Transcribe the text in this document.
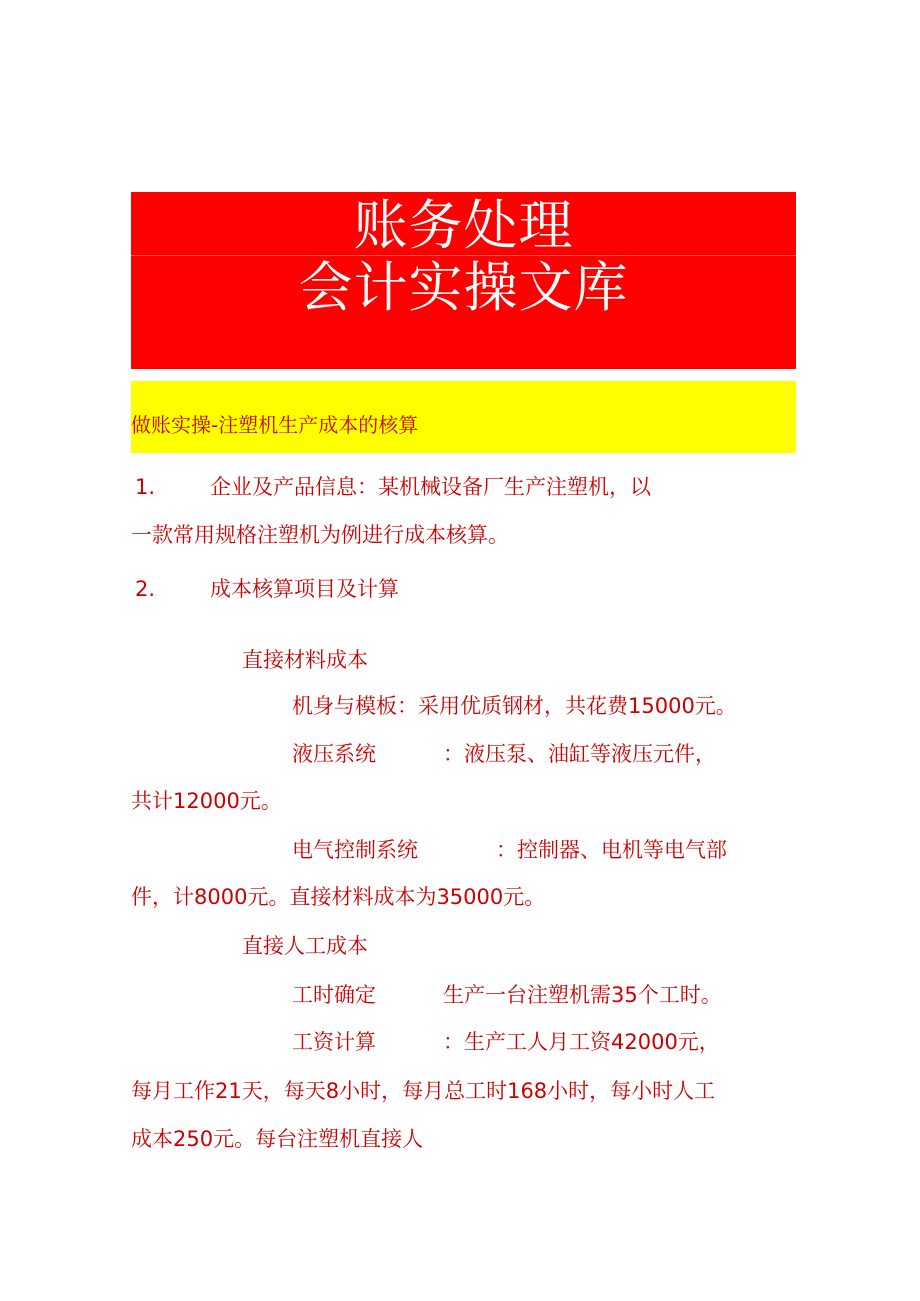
账务处理
会计实操文库
做账实操-注塑机生产成本的核算
1.	企业及产品信息：某机械设备厂生产注塑机，以
一款常用规格注塑机为例进行成本核算。
2.	成本核算项目及计算
直接材料成本
机身与模板：采用优质钢材，共花费15000元。
液压系统	：液压泵、油缸等液压元件，
共计12000元。
电气控制系统	：控制器、电机等电气部
件，计8000元。直接材料成本为35000元。
直接人工成本
工时确定	生产一台注塑机需35个工时。
工资计算	：生产工人月工资42000元，
每月工作21天，每天8小时，每月总工时168小时，每小时人工
成本250元。每台注塑机直接人
